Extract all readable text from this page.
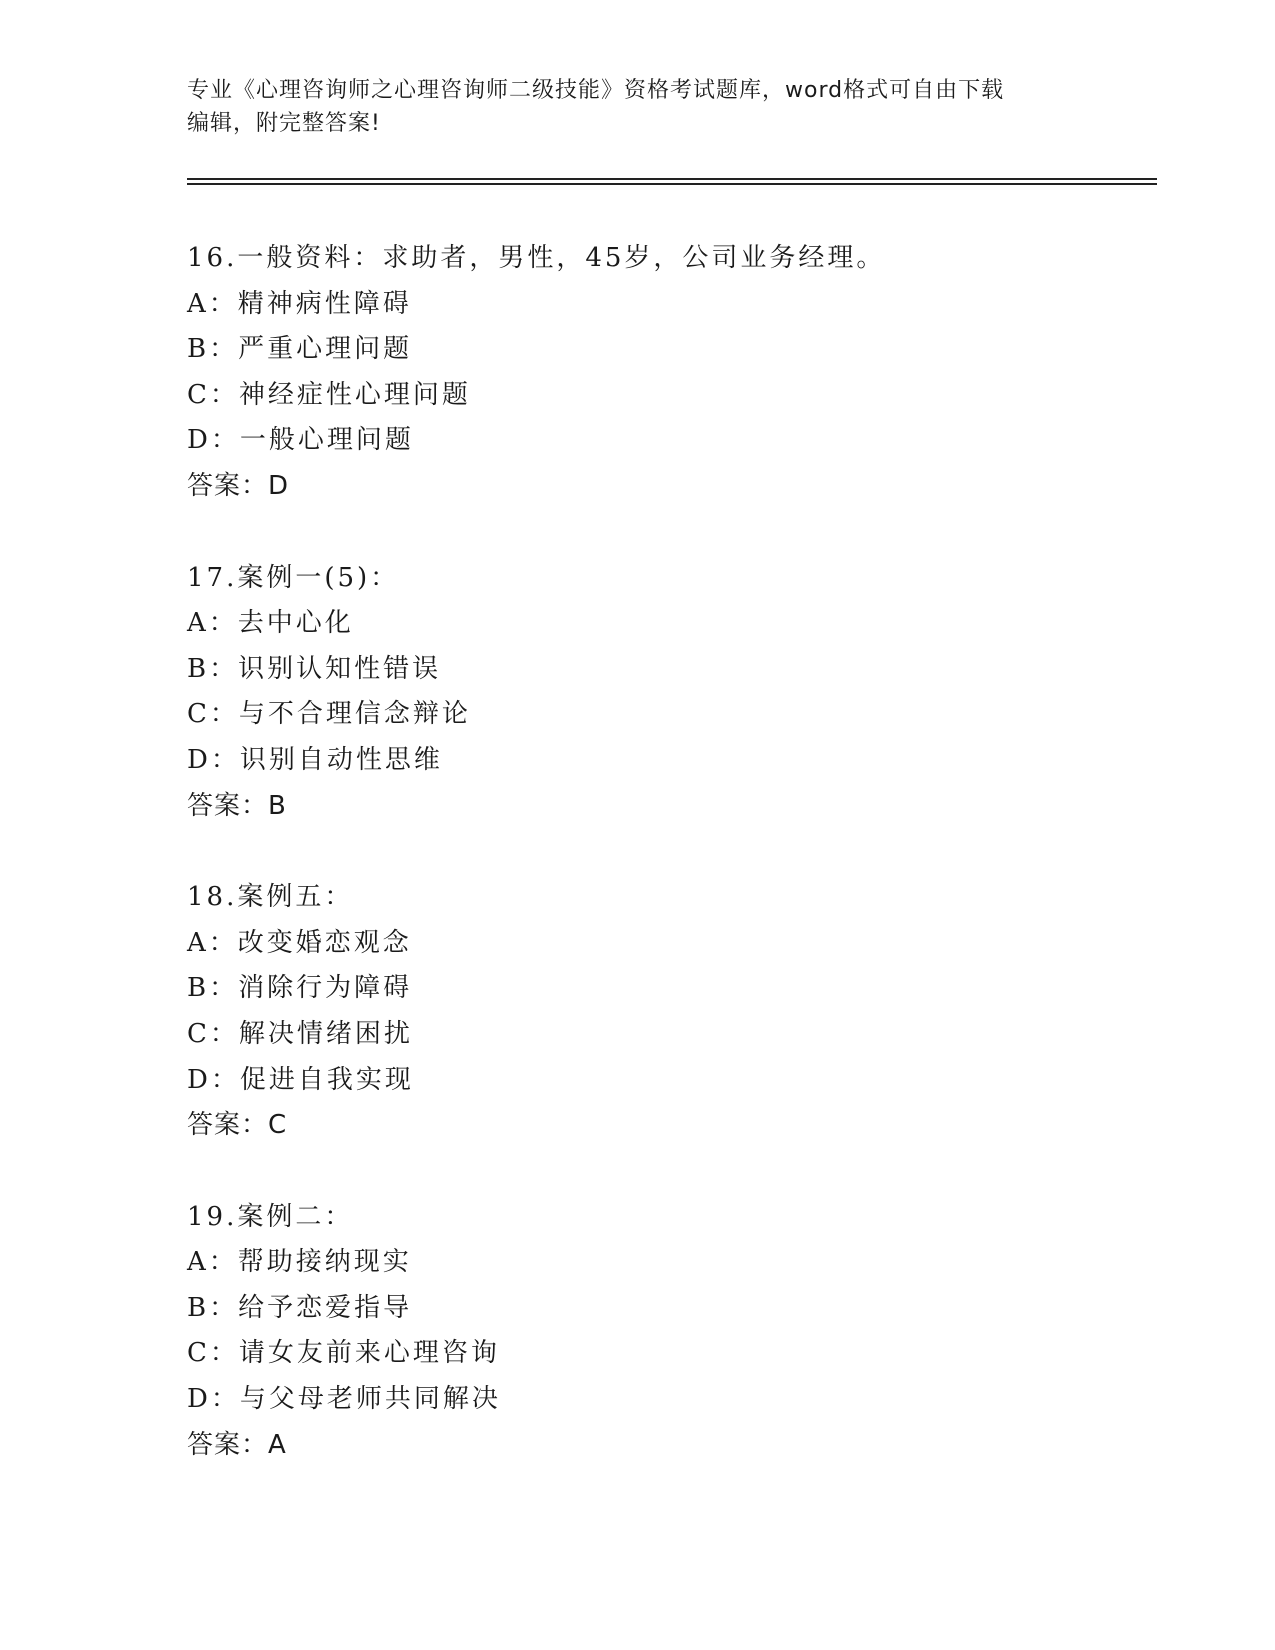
专业《心理咨询师之心理咨询师二级技能》资格考试题库，word格式可自由下载
编辑，附完整答案!
16.一般资料：求助者，男性，45岁，公司业务经理。
A：精神病性障碍
B：严重心理问题
C：神经症性心理问题
D：一般心理问题
答案：D
17.案例一(5)：
A：去中心化
B：识别认知性错误
C：与不合理信念辩论
D：识别自动性思维
答案：B
18.案例五：
A：改变婚恋观念
B：消除行为障碍
C：解决情绪困扰
D：促进自我实现
答案：C
19.案例二：
A：帮助接纳现实
B：给予恋爱指导
C：请女友前来心理咨询
D：与父母老师共同解决
答案：A
